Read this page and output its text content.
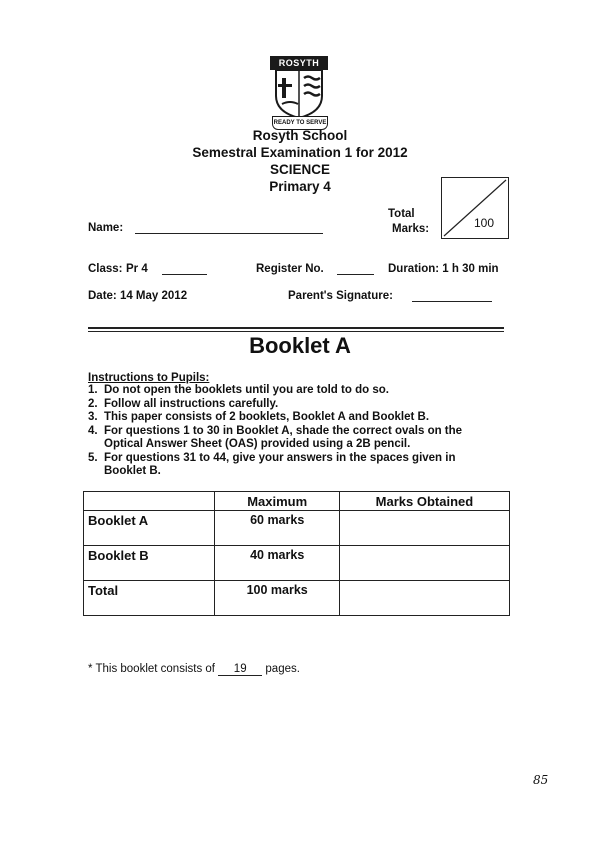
ROSYTH
READY TO SERVE
Rosyth School
Semestral Examination 1 for 2012
SCIENCE
Primary 4
Total
Marks:	100
Name:
Class: Pr 4	Register No.	Duration: 1 h 30 min
Date: 14 May 2012	Parent's Signature:
Booklet A
Instructions to Pupils:
1. Do not open the booklets until you are told to do so.
2. Follow all instructions carefully.
3. This paper consists of 2 booklets, Booklet A and Booklet B.
4. For questions 1 to 30 in Booklet A, shade the correct ovals on the Optical Answer Sheet (OAS) provided using a 2B pencil.
5. For questions 31 to 44, give your answers in the spaces given in Booklet B.
	Maximum	Marks Obtained
Booklet A	60 marks	
Booklet B	40 marks	
Total	100 marks	
* This booklet consists of 19 pages.
85
